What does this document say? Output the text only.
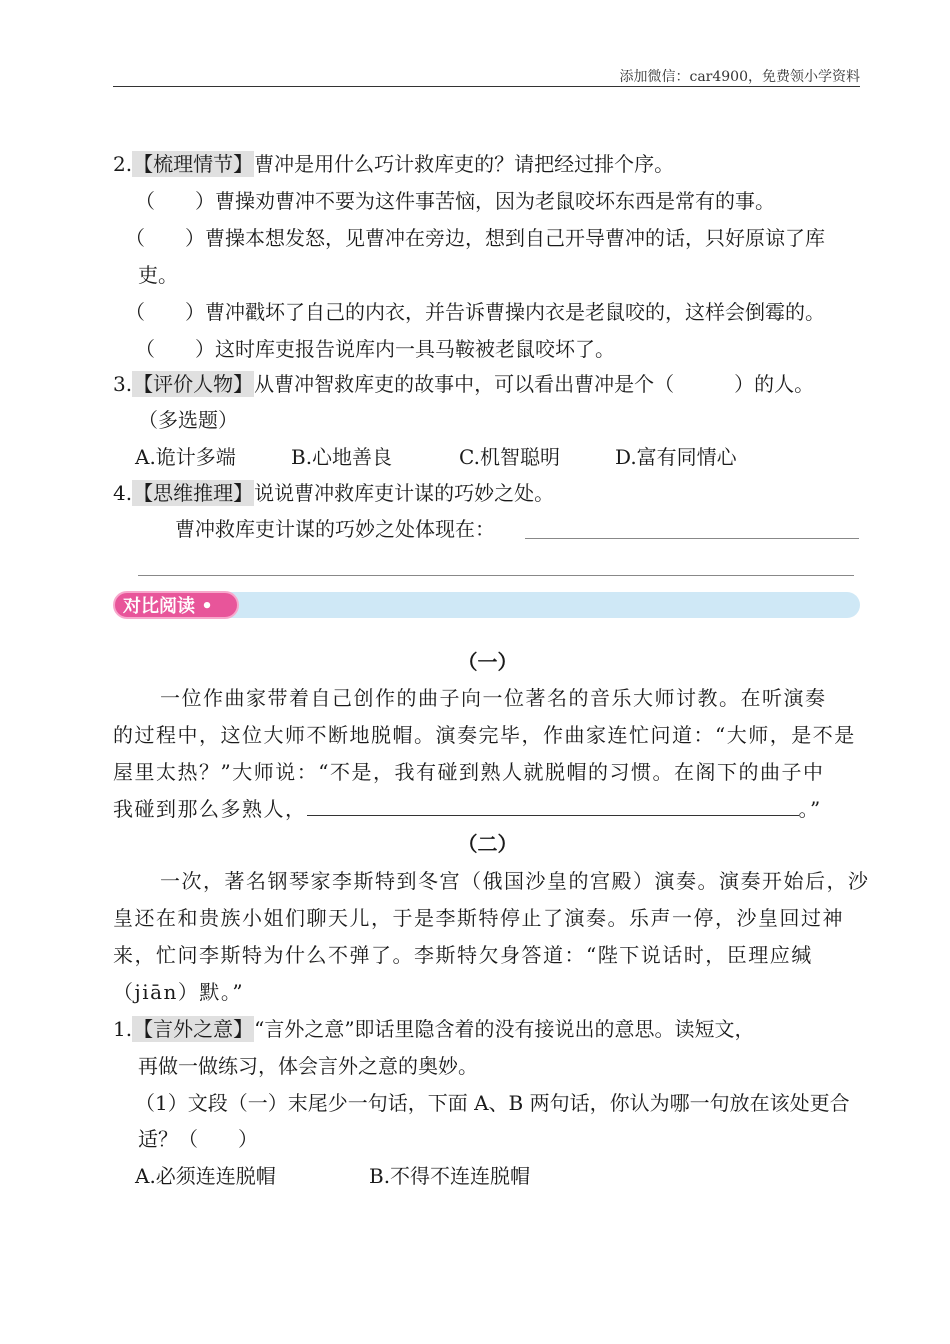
添加微信：car4900，免费领小学资料
2.【梳理情节】曹冲是用什么巧计救库吏的？请把经过排个序。
（　　）曹操劝曹冲不要为这件事苦恼，因为老鼠咬坏东西是常有的事。
（　　）曹操本想发怒，见曹冲在旁边，想到自己开导曹冲的话，只好原谅了库
吏。
（　　）曹冲戳坏了自己的内衣，并告诉曹操内衣是老鼠咬的，这样会倒霉的。
（　　）这时库吏报告说库内一具马鞍被老鼠咬坏了。
3.【评价人物】从曹冲智救库吏的故事中，可以看出曹冲是个（　　　）的人。
（多选题）
A.诡计多端	B.心地善良	C.机智聪明	D.富有同情心
4.【思维推理】说说曹冲救库吏计谋的巧妙之处。
曹冲救库吏计谋的巧妙之处体现在：
对比阅读 •
（一）
一位作曲家带着自己创作的曲子向一位著名的音乐大师讨教。在听演奏
的过程中，这位大师不断地脱帽。演奏完毕，作曲家连忙问道：“大师，是不是
屋里太热？”大师说：“不是，我有碰到熟人就脱帽的习惯。在阁下的曲子中
我碰到那么多熟人，	。”
（二）
一次，著名钢琴家李斯特到冬宫（俄国沙皇的宫殿）演奏。演奏开始后，沙
皇还在和贵族小姐们聊天儿，于是李斯特停止了演奏。乐声一停，沙皇回过神
来，忙问李斯特为什么不弹了。李斯特欠身答道：“陛下说话时，臣理应缄
（jiān）默。”
1.【言外之意】“言外之意”即话里隐含着的没有接说出的意思。读短文，
再做一做练习，体会言外之意的奥妙。
（1）文段（一）末尾少一句话，下面 A、B 两句话，你认为哪一句放在该处更合
适？（　　）
A.必须连连脱帽	B.不得不连连脱帽
